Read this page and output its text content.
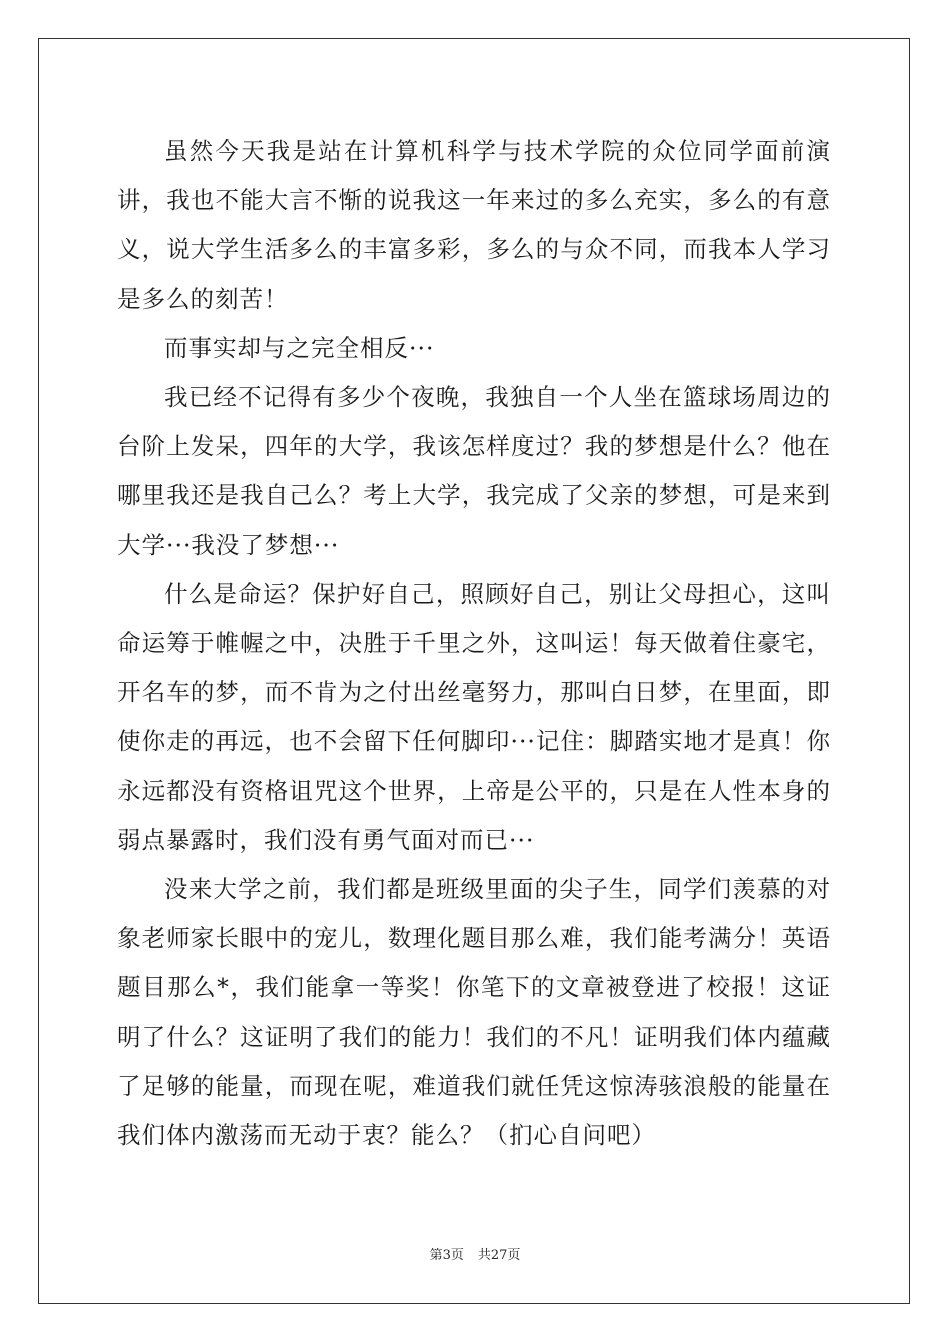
虽然今天我是站在计算机科学与技术学院的众位同学面前演讲，我也不能大言不惭的说我这一年来过的多么充实，多么的有意义，说大学生活多么的丰富多彩，多么的与众不同，而我本人学习是多么的刻苦！

而事实却与之完全相反···

我已经不记得有多少个夜晚，我独自一个人坐在篮球场周边的台阶上发呆，四年的大学，我该怎样度过？我的梦想是什么？他在哪里我还是我自己么？考上大学，我完成了父亲的梦想，可是来到大学···我没了梦想···

什么是命运？保护好自己，照顾好自己，别让父母担心，这叫命运筹于帷幄之中，决胜于千里之外，这叫运！每天做着住豪宅，开名车的梦，而不肯为之付出丝毫努力，那叫白日梦，在里面，即使你走的再远，也不会留下任何脚印···记住：脚踏实地才是真！你永远都没有资格诅咒这个世界，上帝是公平的，只是在人性本身的弱点暴露时，我们没有勇气面对而已···

没来大学之前，我们都是班级里面的尖子生，同学们羡慕的对象老师家长眼中的宠儿，数理化题目那么难，我们能考满分！英语题目那么*，我们能拿一等奖！你笔下的文章被登进了校报！这证明了什么？这证明了我们的能力！我们的不凡！证明我们体内蕴藏了足够的能量，而现在呢，难道我们就任凭这惊涛骇浪般的能量在我们体内激荡而无动于衷？能么？（扪心自问吧）

第3页 共27页
